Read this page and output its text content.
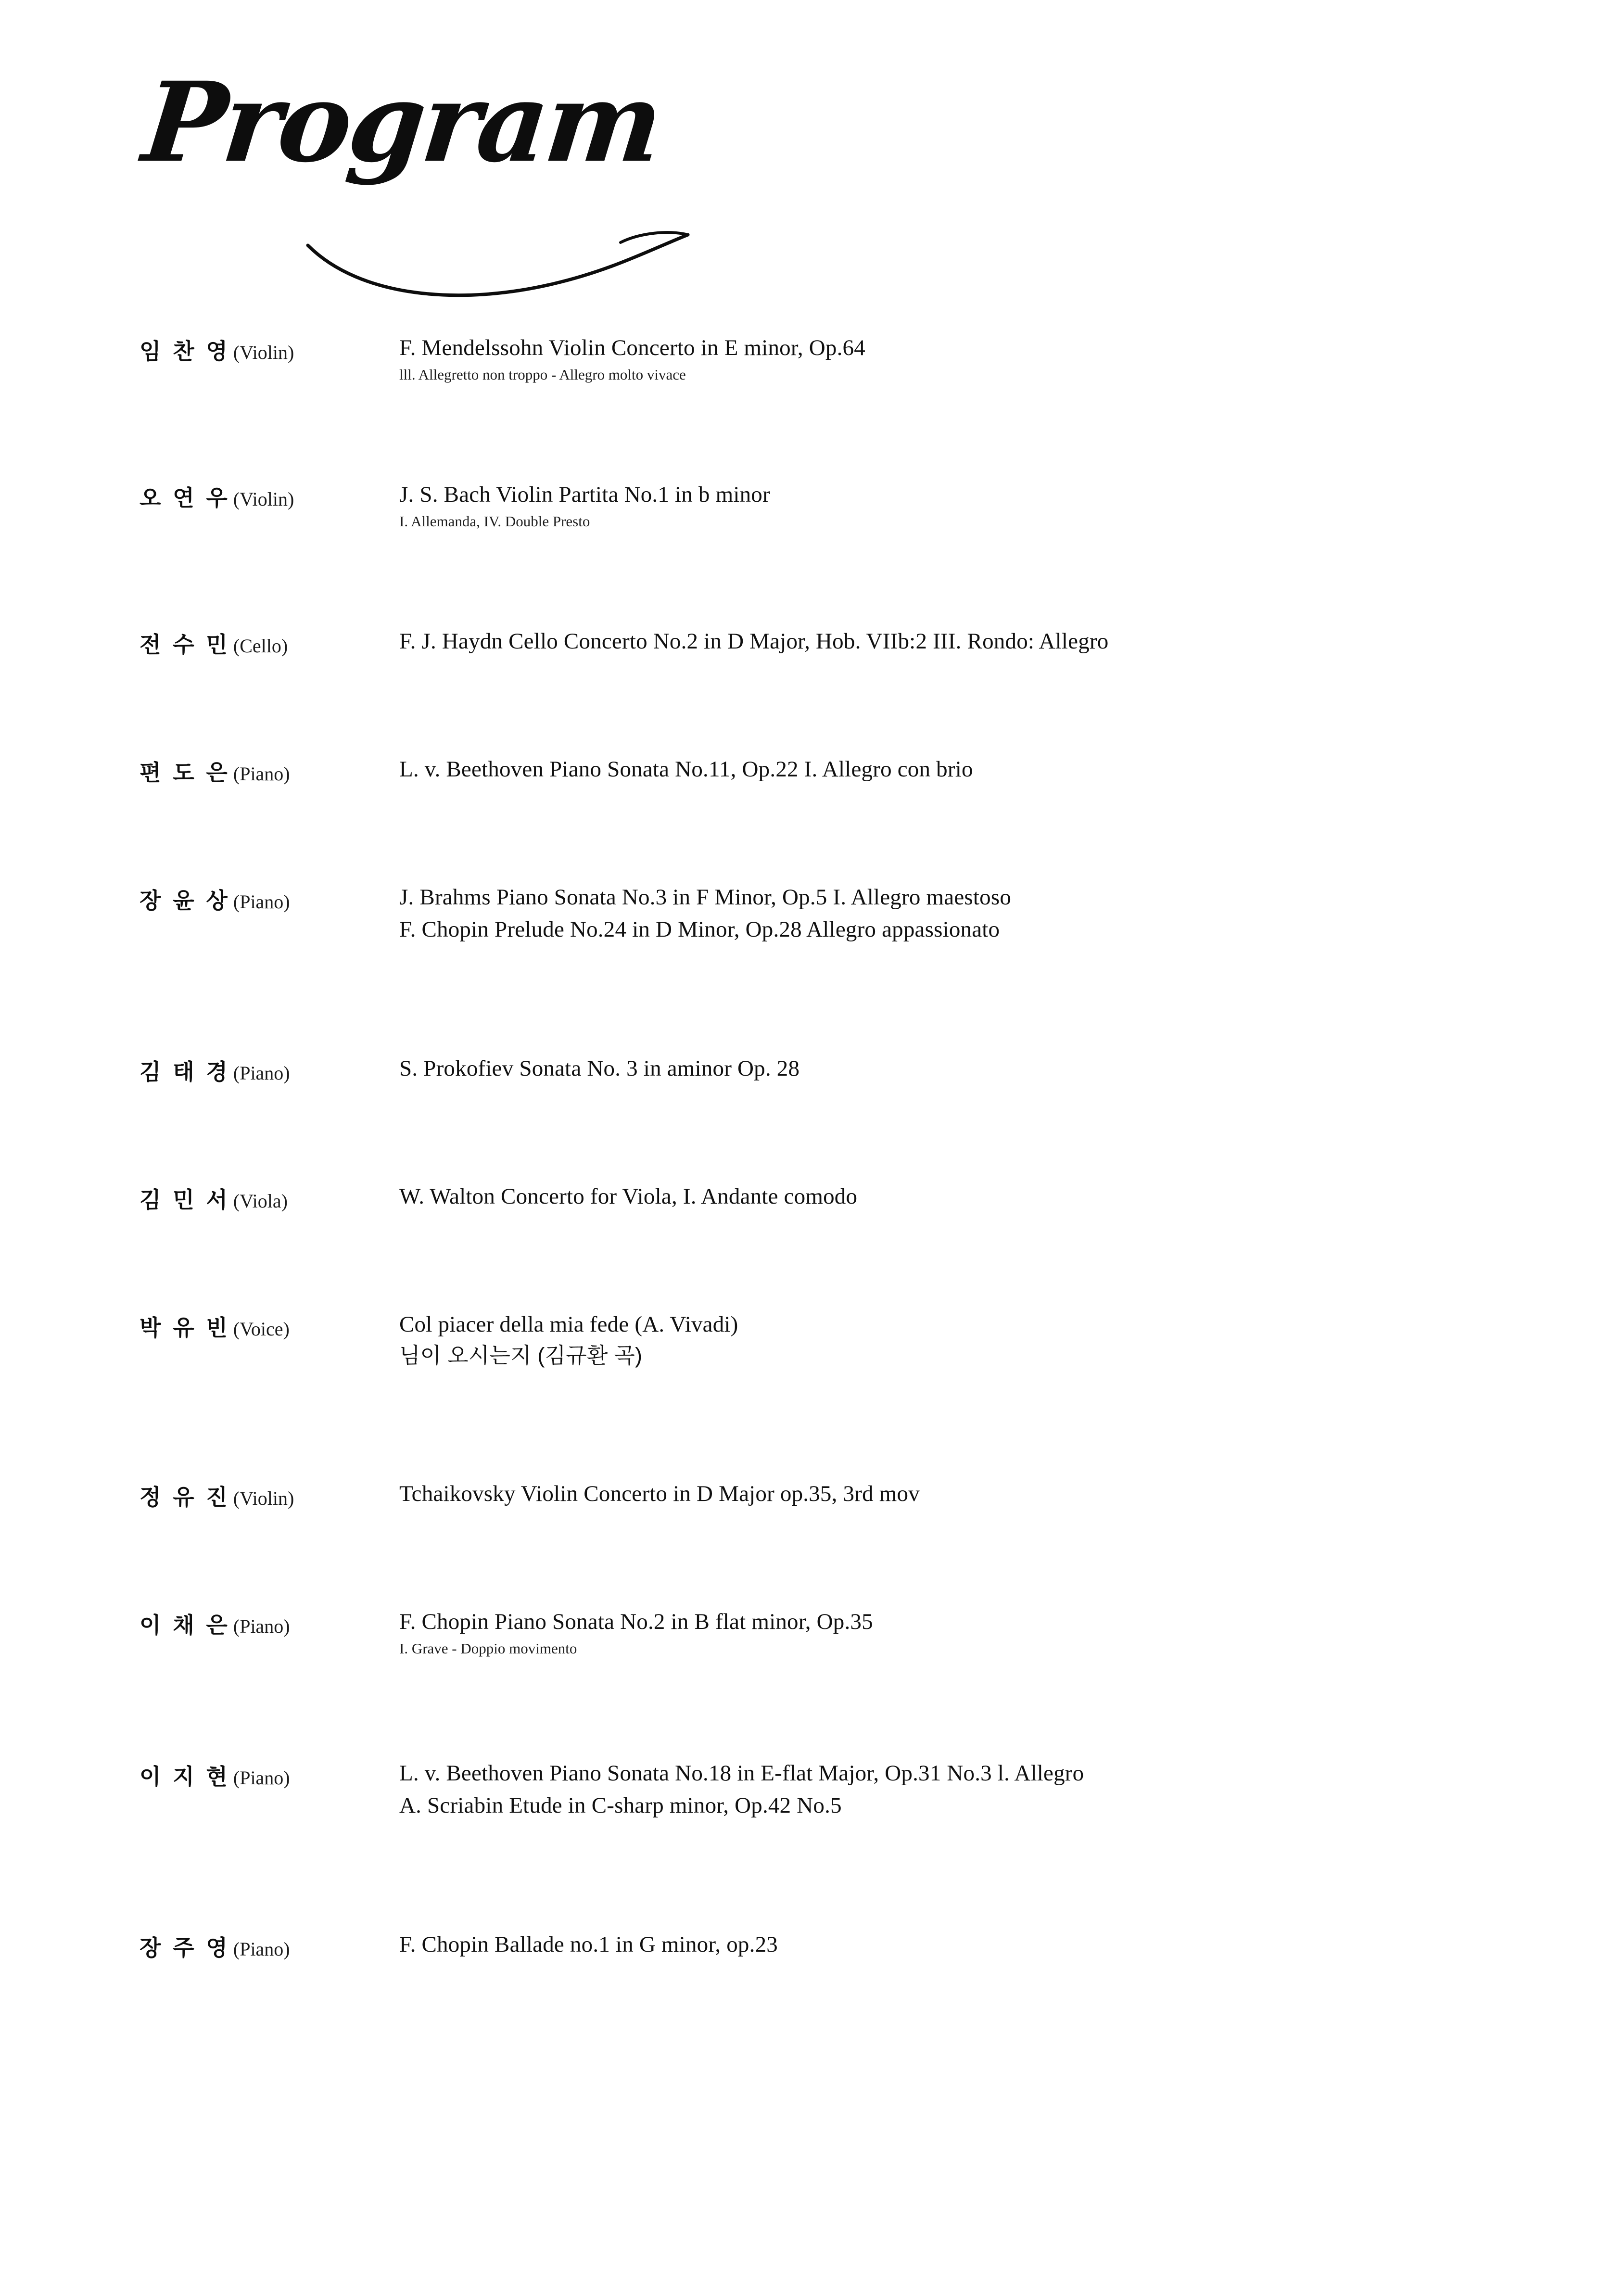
Program
임 찬 영 (Violin)	F. Mendelssohn Violin Concerto in E minor, Op.64
lll. Allegretto non troppo - Allegro molto vivace
오 연 우 (Violin)	J. S. Bach Violin Partita No.1 in b minor
I. Allemanda, IV. Double Presto
전 수 민 (Cello)	F. J. Haydn Cello Concerto No.2 in D Major, Hob. VIIb:2 III. Rondo: Allegro
편 도 은 (Piano)	L. v. Beethoven Piano Sonata No.11, Op.22 I. Allegro con brio
장 윤 상 (Piano)	J. Brahms Piano Sonata No.3 in F Minor, Op.5 I. Allegro maestoso
F. Chopin Prelude No.24 in D Minor, Op.28 Allegro appassionato
김 태 경 (Piano)	S. Prokofiev Sonata No. 3 in aminor Op. 28
김 민 서 (Viola)	W. Walton Concerto for Viola, I. Andante comodo
박 유 빈 (Voice)	Col piacer della mia fede (A. Vivadi)
님이 오시는지 (김규환 곡)
정 유 진 (Violin)	Tchaikovsky Violin Concerto in D Major op.35, 3rd mov
이 채 은 (Piano)	F. Chopin Piano Sonata No.2 in B flat minor, Op.35
I. Grave - Doppio movimento
이 지 현 (Piano)	L. v. Beethoven Piano Sonata No.18 in E-flat Major, Op.31 No.3 l. Allegro
A. Scriabin Etude in C-sharp minor, Op.42 No.5
장 주 영 (Piano)	F. Chopin Ballade no.1 in G minor, op.23
